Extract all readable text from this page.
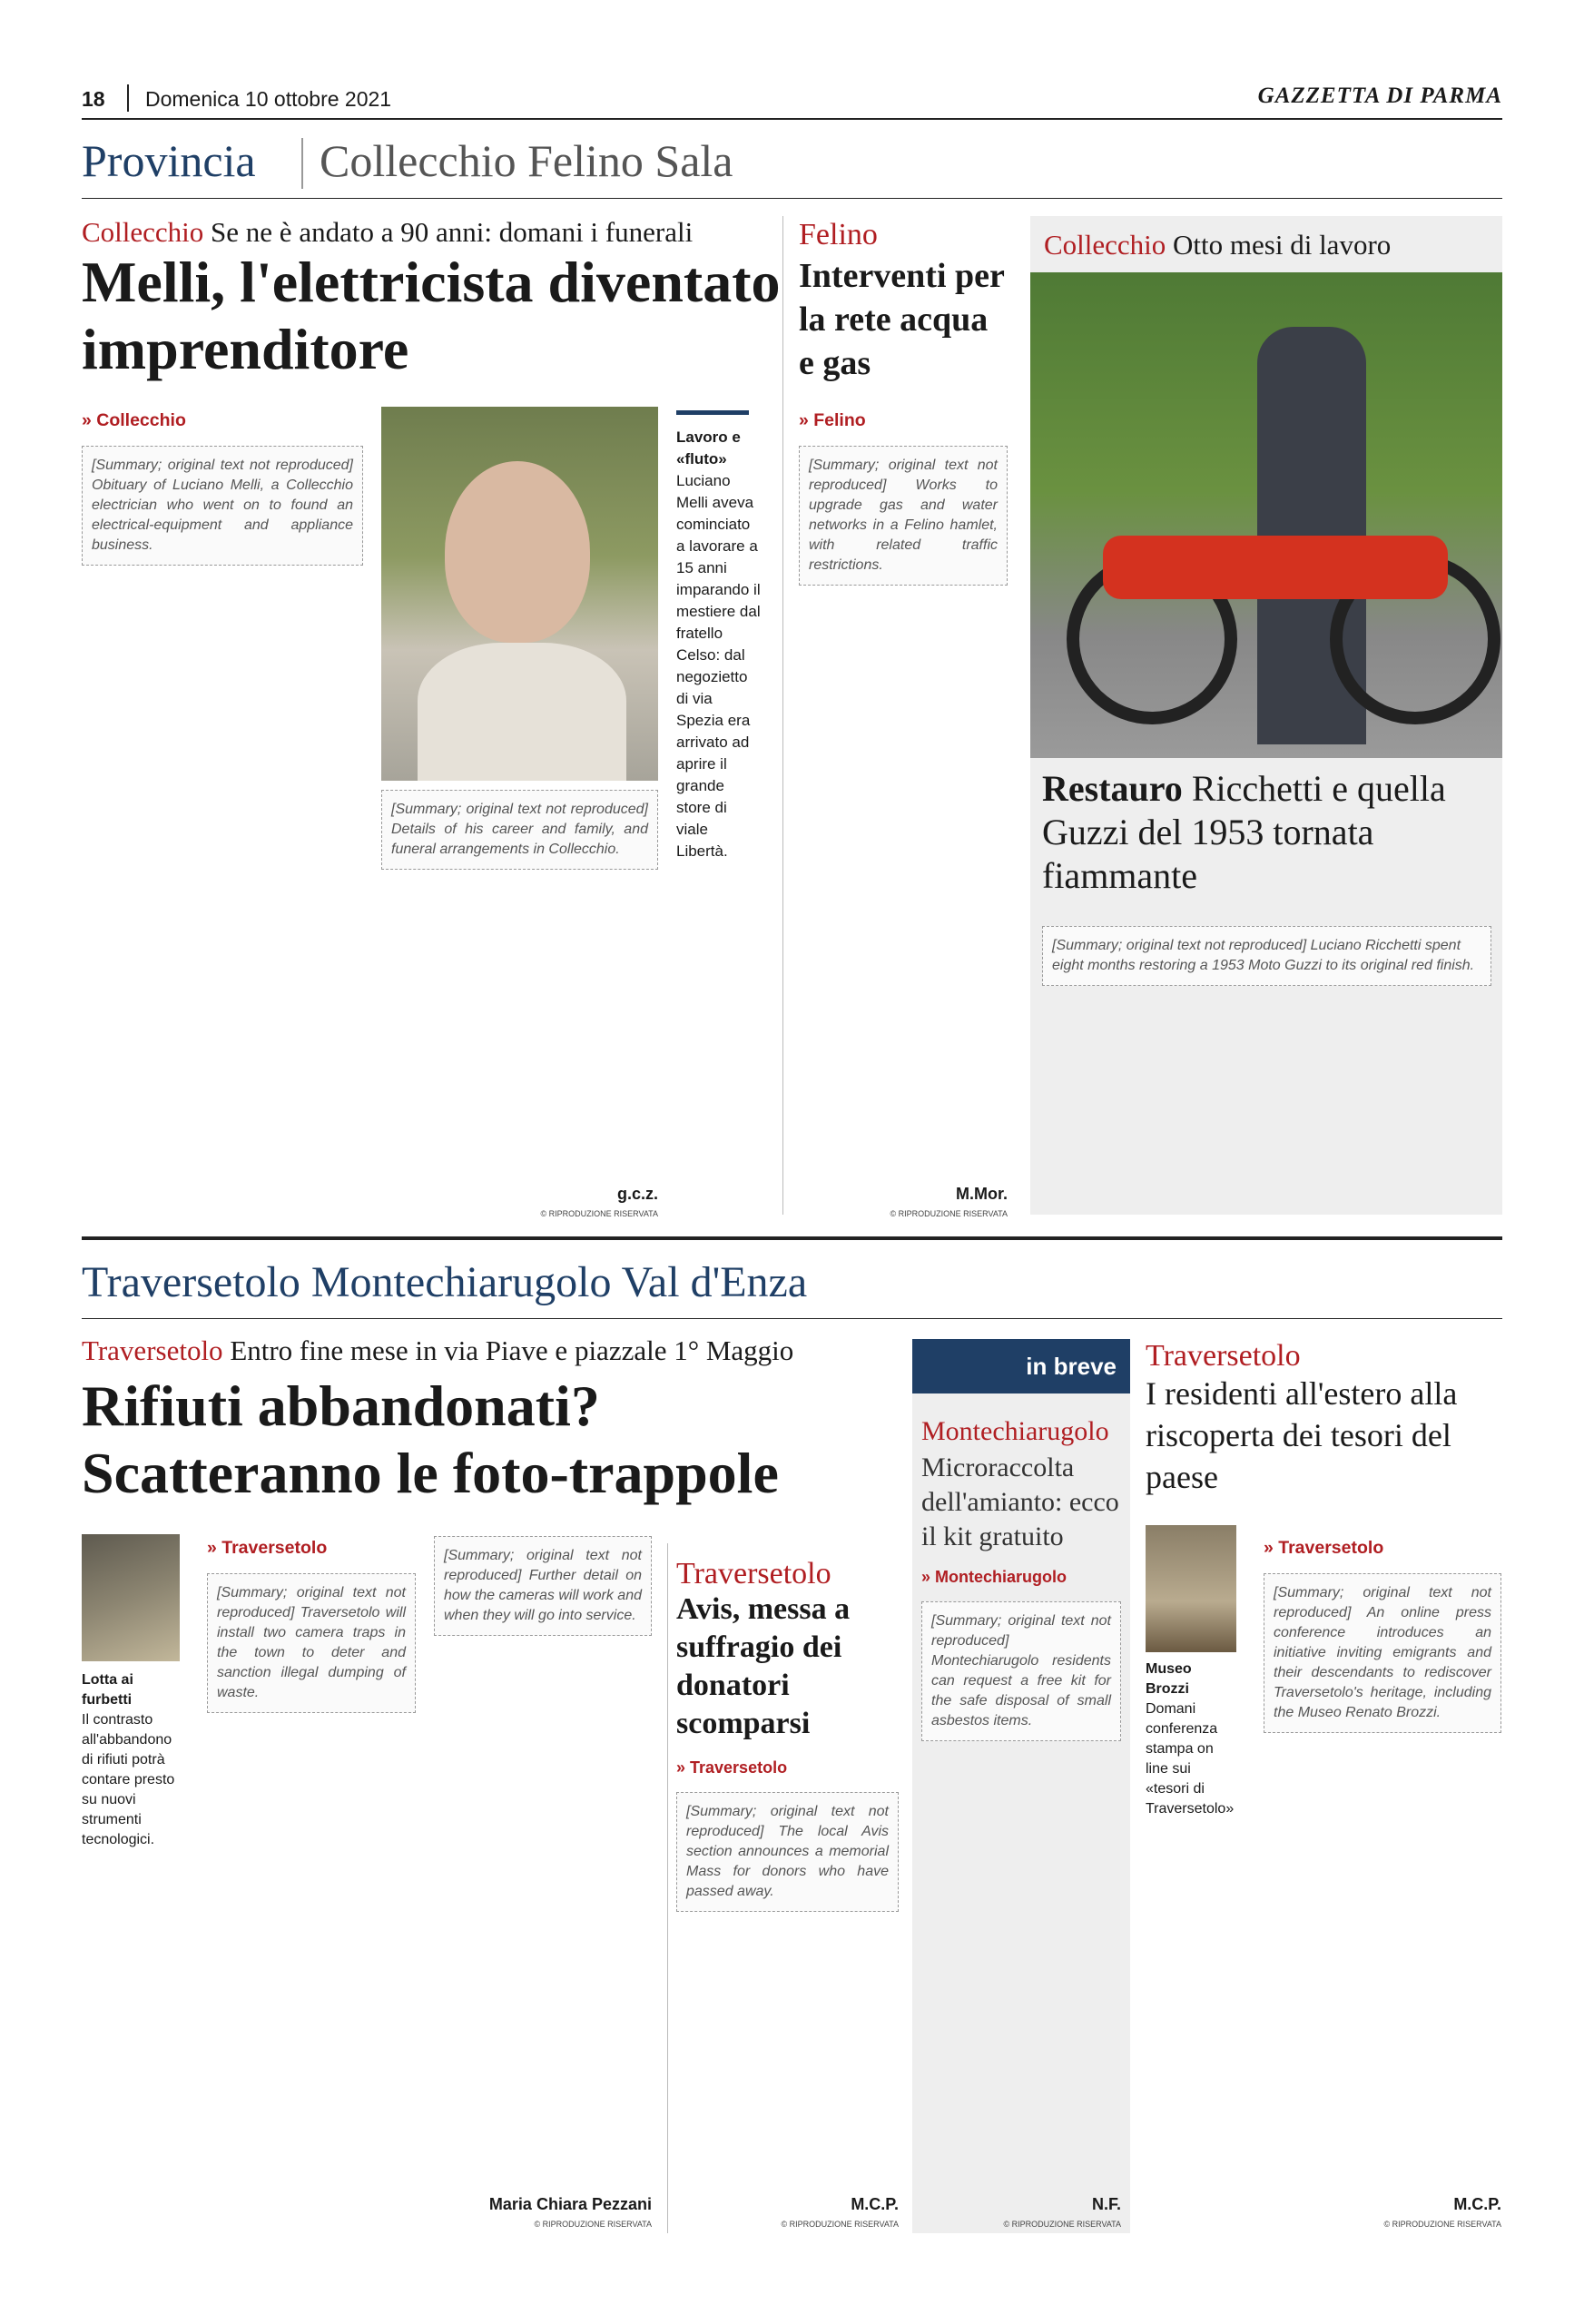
18 Domenica 10 ottobre 2021	GAZZETTA DI PARMA
Provincia Collecchio Felino Sala
Collecchio Se ne è andato a 90 anni: domani i funerali
Melli, l'elettricista diventato imprenditore
» Collecchio
[Summary; original text not reproduced] Obituary of Luciano Melli, a Collecchio electrician who went on to found an electrical-equipment and appliance business.
[Summary; original text not reproduced] Details of his career and family, and funeral arrangements in Collecchio.
g.c.z.
© RIPRODUZIONE RISERVATA
Lavoro e «fluto»
Luciano Melli aveva cominciato a lavorare a 15 anni imparando il mestiere dal fratello Celso: dal negozietto di via Spezia era arrivato ad aprire il grande store di viale Libertà.
Felino
Interventi per la rete acqua e gas
» Felino
[Summary; original text not reproduced] Works to upgrade gas and water networks in a Felino hamlet, with related traffic restrictions.
M.Mor.
© RIPRODUZIONE RISERVATA
Collecchio Otto mesi di lavoro
Restauro Ricchetti e quella Guzzi del 1953 tornata fiammante
[Summary; original text not reproduced] Luciano Ricchetti spent eight months restoring a 1953 Moto Guzzi to its original red finish.
Traversetolo Montechiarugolo Val d'Enza
Traversetolo Entro fine mese in via Piave e piazzale 1° Maggio
Rifiuti abbandonati? Scatteranno le foto-trappole
Lotta ai furbetti
Il contrasto all'abbandono di rifiuti potrà contare presto su nuovi strumenti tecnologici.
» Traversetolo
[Summary; original text not reproduced] Traversetolo will install two camera traps in the town to deter and sanction illegal dumping of waste.
[Summary; original text not reproduced] Further detail on how the cameras will work and when they will go into service.
Maria Chiara Pezzani
© RIPRODUZIONE RISERVATA
Traversetolo
Avis, messa a suffragio dei donatori scomparsi
» Traversetolo
[Summary; original text not reproduced] The local Avis section announces a memorial Mass for donors who have passed away.
M.C.P.
© RIPRODUZIONE RISERVATA
in breve
Montechiarugolo
Microraccolta dell'amianto: ecco il kit gratuito
» Montechiarugolo
[Summary; original text not reproduced] Montechiarugolo residents can request a free kit for the safe disposal of small asbestos items.
N.F.
© RIPRODUZIONE RISERVATA
Traversetolo
I residenti all'estero alla riscoperta dei tesori del paese
Museo Brozzi
Domani conferenza stampa on line sui «tesori di Traversetolo»
» Traversetolo
[Summary; original text not reproduced] An online press conference introduces an initiative inviting emigrants and their descendants to rediscover Traversetolo's heritage, including the Museo Renato Brozzi.
M.C.P.
© RIPRODUZIONE RISERVATA
